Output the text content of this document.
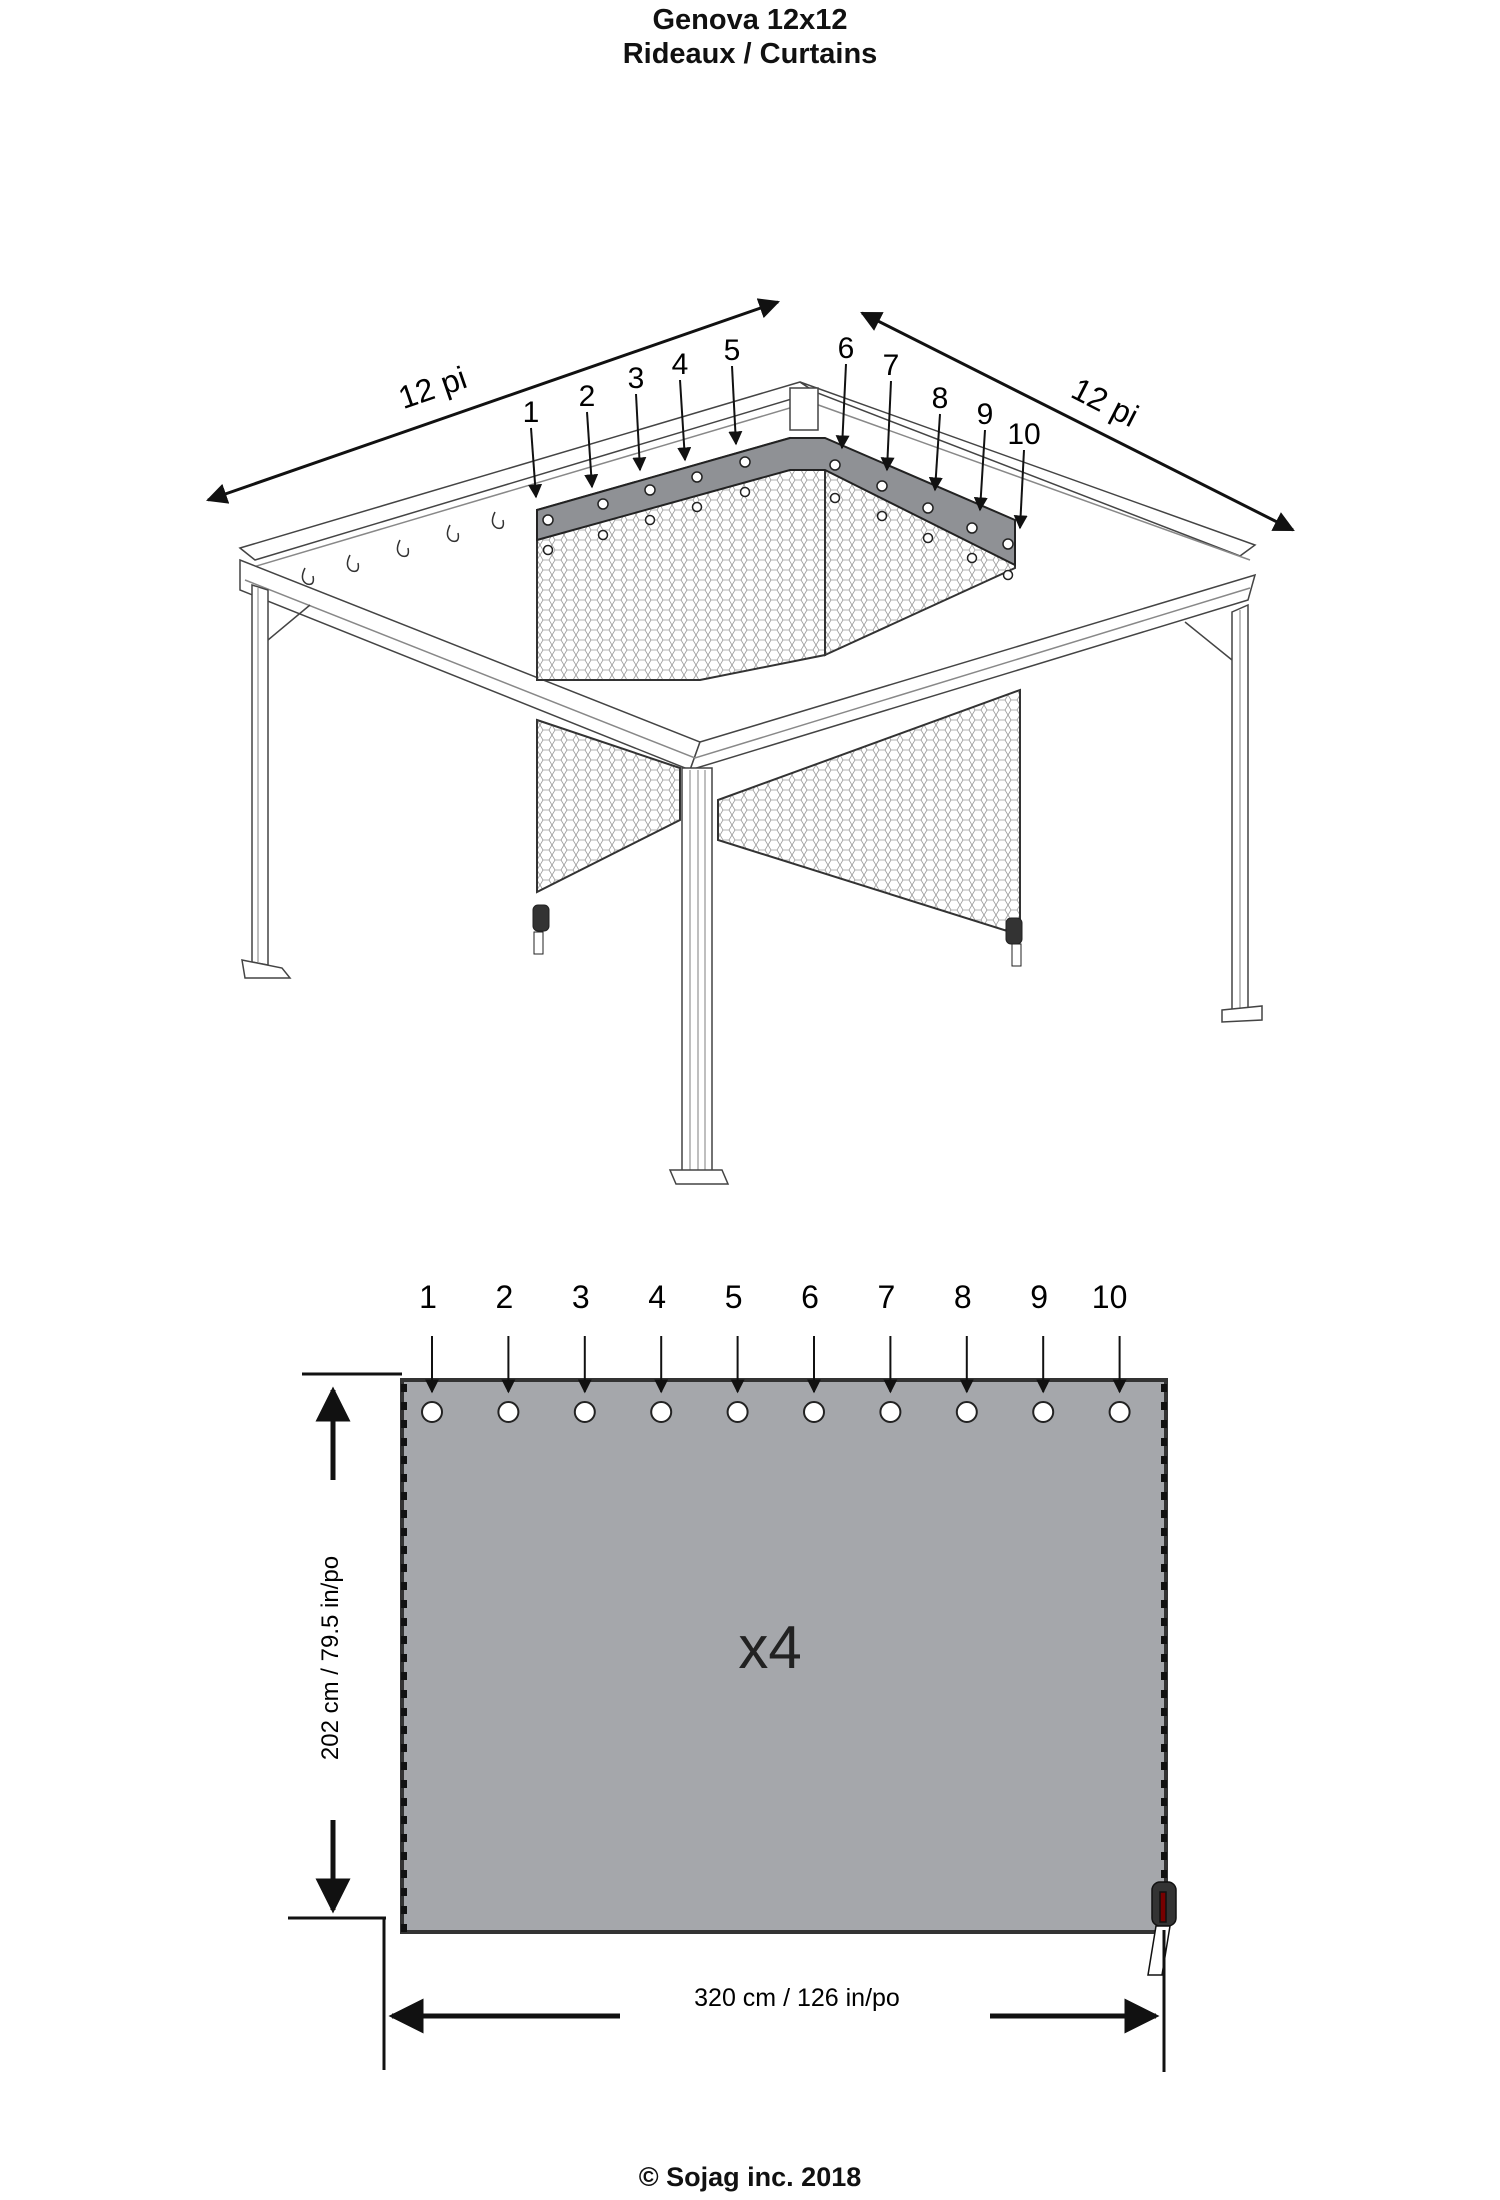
Genova 12x12
Rideaux / Curtains
12 pi	12 pi
1 2
3 4 5	6
7
8 9
10
1 2 3 4 5 6 7 8 9 10
x4
202 cm / 79.5 in/po
320 cm / 126 in/po
© Sojag inc. 2018
